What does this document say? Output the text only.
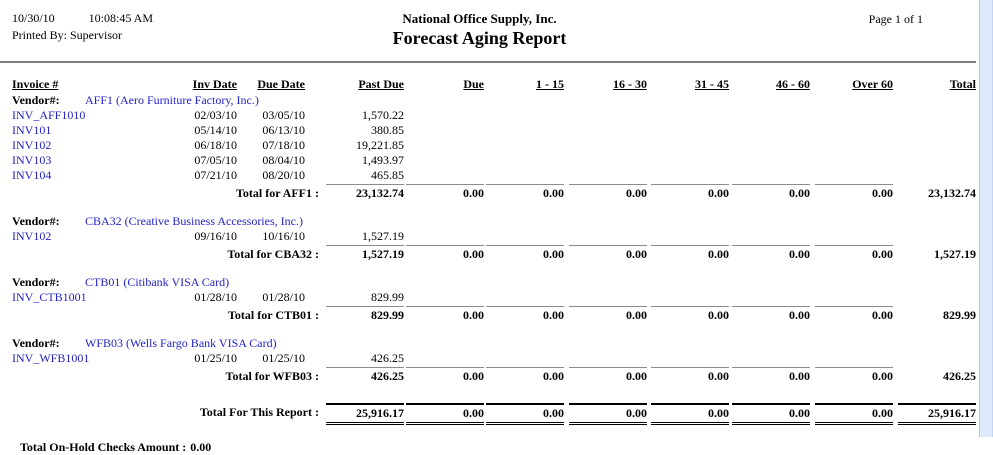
10/30/10	10:08:45 AM
Printed By: Supervisor
National Office Supply, Inc.
Forecast Aging Report
Page 1 of 1
Invoice #	Inv Date	Due Date	Past Due	Due	1 - 15	16 - 30	31 - 45	46 - 60	Over 60	Total
Vendor#:	AFF1 (Aero Furniture Factory, Inc.)
INV_AFF1010	02/03/10	03/05/10	1,570.22
INV101	05/14/10	06/13/10	380.85
INV102	06/18/10	07/18/10	19,221.85
INV103	07/05/10	08/04/10	1,493.97
INV104	07/21/10	08/20/10	465.85
Total for AFF1 :	23,132.74	0.00	0.00	0.00	0.00	0.00	0.00	23,132.74
Vendor#:	CBA32 (Creative Business Accessories, Inc.)
INV102	09/16/10	10/16/10	1,527.19
Total for CBA32 :	1,527.19	0.00	0.00	0.00	0.00	0.00	0.00	1,527.19
Vendor#:	CTB01 (Citibank VISA Card)
INV_CTB1001	01/28/10	01/28/10	829.99
Total for CTB01 :	829.99	0.00	0.00	0.00	0.00	0.00	0.00	829.99
Vendor#:	WFB03 (Wells Fargo Bank VISA Card)
INV_WFB1001	01/25/10	01/25/10	426.25
Total for WFB03 :	426.25	0.00	0.00	0.00	0.00	0.00	0.00	426.25
Total For This Report :	25,916.17	0.00	0.00	0.00	0.00	0.00	0.00	25,916.17
Total On-Hold Checks Amount : 0.00
